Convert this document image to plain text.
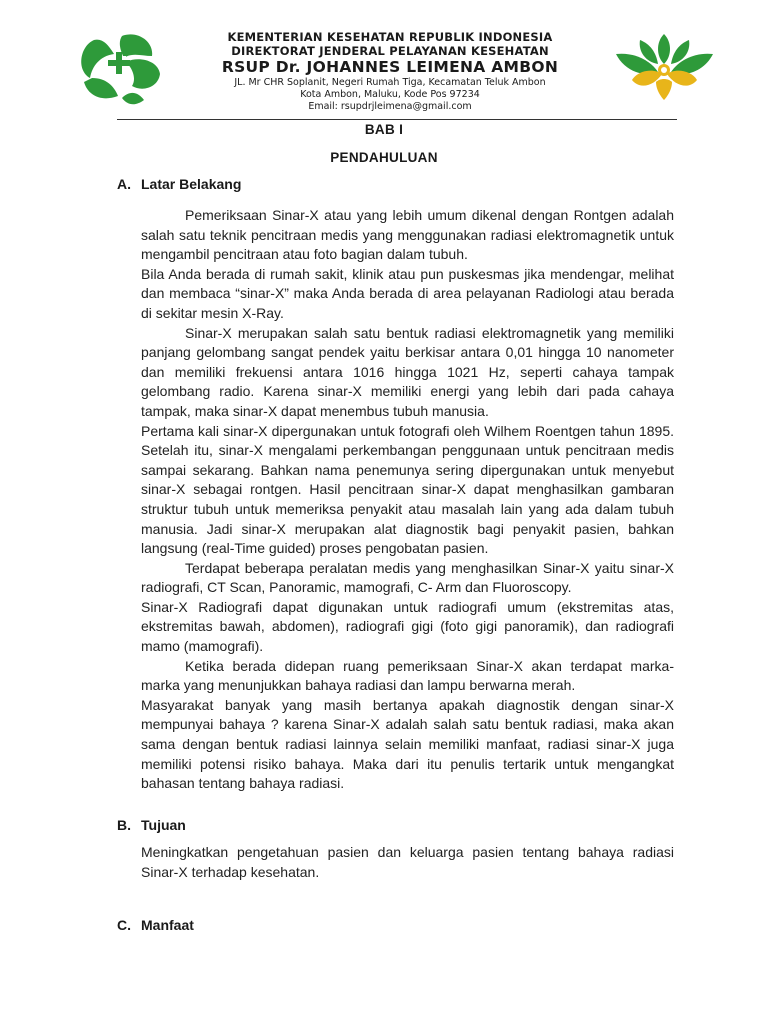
KEMENTERIAN KESEHATAN REPUBLIK INDONESIA
DIREKTORAT JENDERAL PELAYANAN KESEHATAN
RSUP Dr. JOHANNES LEIMENA AMBON
JL. Mr CHR Soplanit, Negeri Rumah Tiga, Kecamatan Teluk Ambon
Kota Ambon, Maluku, Kode Pos 97234
Email: rsupdrjleimena@gmail.com
BAB I
PENDAHULUAN
A. Latar Belakang

Pemeriksaan Sinar-X atau yang lebih umum dikenal dengan Rontgen adalah salah satu teknik pencitraan medis yang menggunakan radiasi elektromagnetik untuk mengambil pencitraan atau foto bagian dalam tubuh.

Bila Anda berada di rumah sakit, klinik atau pun puskesmas jika mendengar, melihat dan membaca “sinar-X” maka Anda berada di area pelayanan Radiologi atau berada di sekitar mesin X-Ray.

Sinar-X merupakan salah satu bentuk radiasi elektromagnetik yang memiliki panjang gelombang sangat pendek yaitu berkisar antara 0,01 hingga 10 nanometer dan memiliki frekuensi antara 1016 hingga 1021 Hz, seperti cahaya tampak gelombang radio. Karena sinar-X memiliki energi yang lebih dari pada cahaya tampak, maka sinar-X dapat menembus tubuh manusia.

Pertama kali sinar-X dipergunakan untuk fotografi oleh Wilhem Roentgen tahun 1895. Setelah itu, sinar-X mengalami perkembangan penggunaan untuk pencitraan medis sampai sekarang. Bahkan nama penemunya sering dipergunakan untuk menyebut sinar-X sebagai rontgen. Hasil pencitraan sinar-X dapat menghasilkan gambaran struktur tubuh untuk memeriksa penyakit atau masalah lain yang ada dalam tubuh manusia. Jadi sinar-X merupakan alat diagnostik bagi penyakit pasien, bahkan langsung (real-Time guided) proses pengobatan pasien.

Terdapat beberapa peralatan medis yang menghasilkan Sinar-X yaitu sinar-X radiografi, CT Scan, Panoramic, mamografi, C- Arm dan Fluoroscopy.

Sinar-X Radiografi dapat digunakan untuk radiografi umum (ekstremitas atas, ekstremitas bawah, abdomen), radiografi gigi (foto gigi panoramik), dan radiografi mamo (mamografi).

Ketika berada didepan ruang pemeriksaan Sinar-X akan terdapat marka-marka yang menunjukkan bahaya radiasi dan lampu berwarna merah.

Masyarakat banyak yang masih bertanya apakah diagnostik dengan sinar-X mempunyai bahaya ? karena Sinar-X adalah salah satu bentuk radiasi, maka akan sama dengan bentuk radiasi lainnya selain memiliki manfaat, radiasi sinar-X juga memiliki potensi risiko bahaya. Maka dari itu penulis tertarik untuk mengangkat bahasan tentang bahaya radiasi.

B. Tujuan

Meningkatkan pengetahuan pasien dan keluarga pasien tentang bahaya radiasi Sinar-X terhadap kesehatan.

C. Manfaat
